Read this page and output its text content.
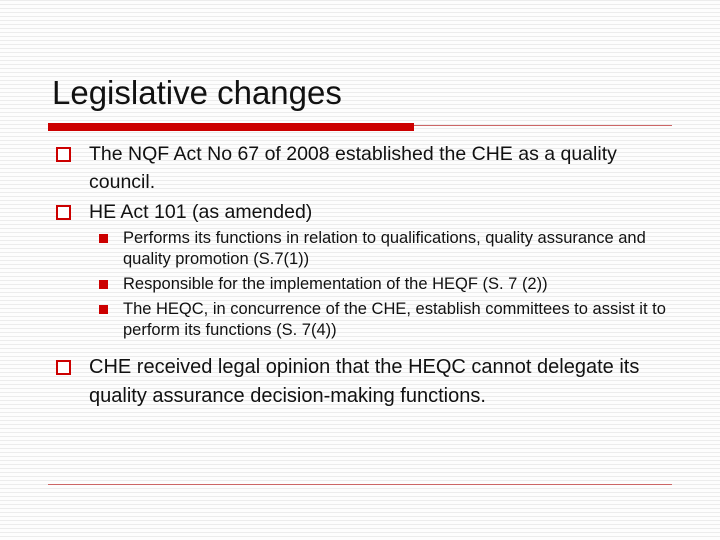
Legislative changes
The NQF Act No 67 of 2008 established the CHE as a quality council.
HE Act 101 (as amended)
Performs its functions in relation to qualifications, quality assurance and quality promotion (S.7(1))
Responsible for the implementation of the HEQF (S. 7 (2))
The HEQC, in concurrence of the CHE, establish committees to assist it to perform its functions (S. 7(4))
CHE received legal opinion that the HEQC cannot delegate its quality assurance decision-making functions.
